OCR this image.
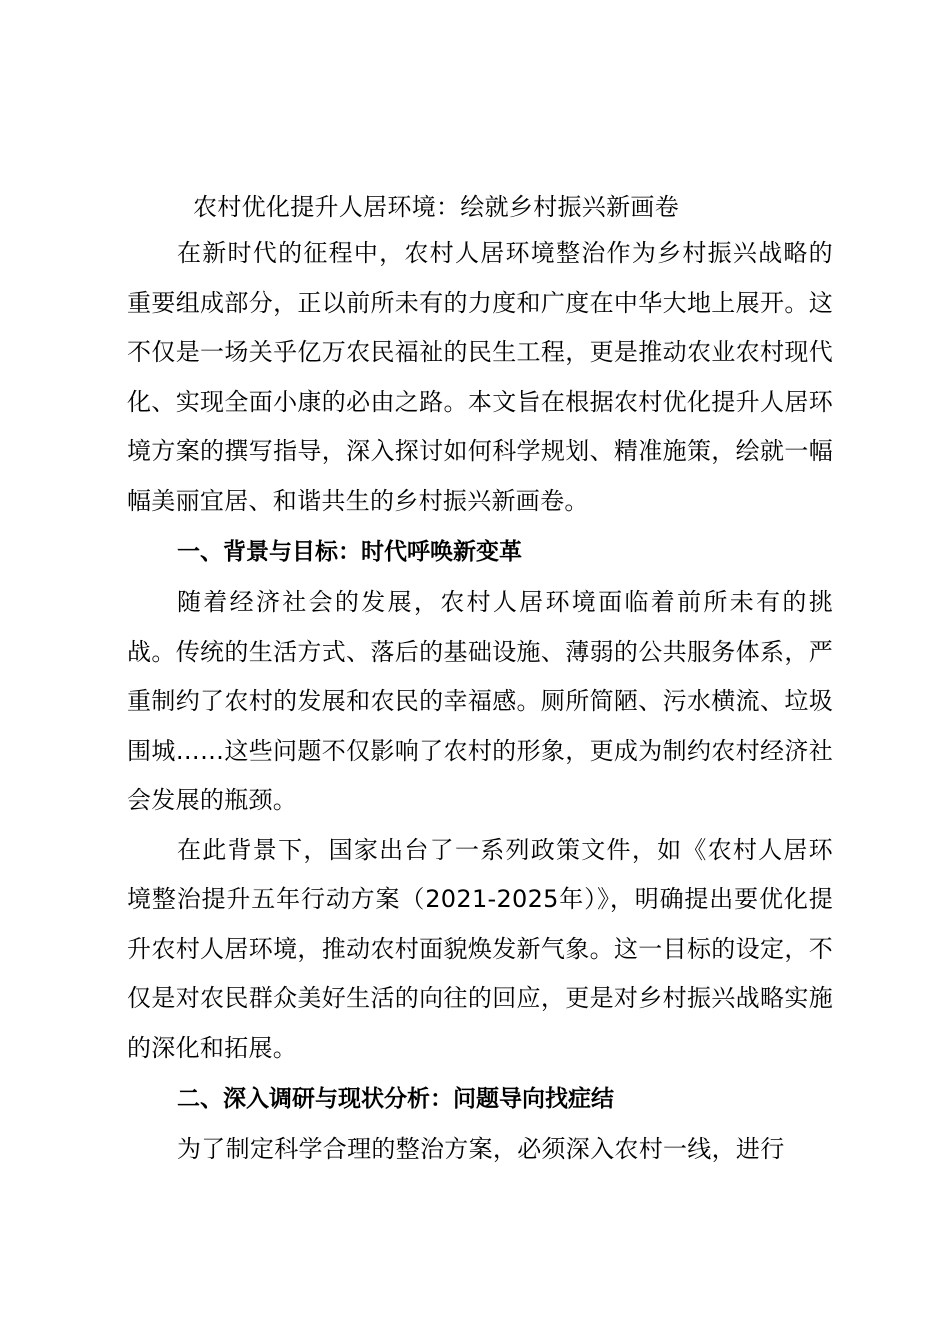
农村优化提升人居环境：绘就乡村振兴新画卷

在新时代的征程中，农村人居环境整治作为乡村振兴战略的重要组成部分，正以前所未有的力度和广度在中华大地上展开。这不仅是一场关乎亿万农民福祉的民生工程，更是推动农业农村现代化、实现全面小康的必由之路。本文旨在根据农村优化提升人居环境方案的撰写指导，深入探讨如何科学规划、精准施策，绘就一幅幅美丽宜居、和谐共生的乡村振兴新画卷。

一、背景与目标：时代呼唤新变革

随着经济社会的发展，农村人居环境面临着前所未有的挑战。传统的生活方式、落后的基础设施、薄弱的公共服务体系，严重制约了农村的发展和农民的幸福感。厕所简陋、污水横流、垃圾围城……这些问题不仅影响了农村的形象，更成为制约农村经济社会发展的瓶颈。

在此背景下，国家出台了一系列政策文件，如《农村人居环境整治提升五年行动方案（2021-2025年）》，明确提出要优化提升农村人居环境，推动农村面貌焕发新气象。这一目标的设定，不仅是对农民群众美好生活的向往的回应，更是对乡村振兴战略实施的深化和拓展。

二、深入调研与现状分析：问题导向找症结

为了制定科学合理的整治方案，必须深入农村一线，进行
